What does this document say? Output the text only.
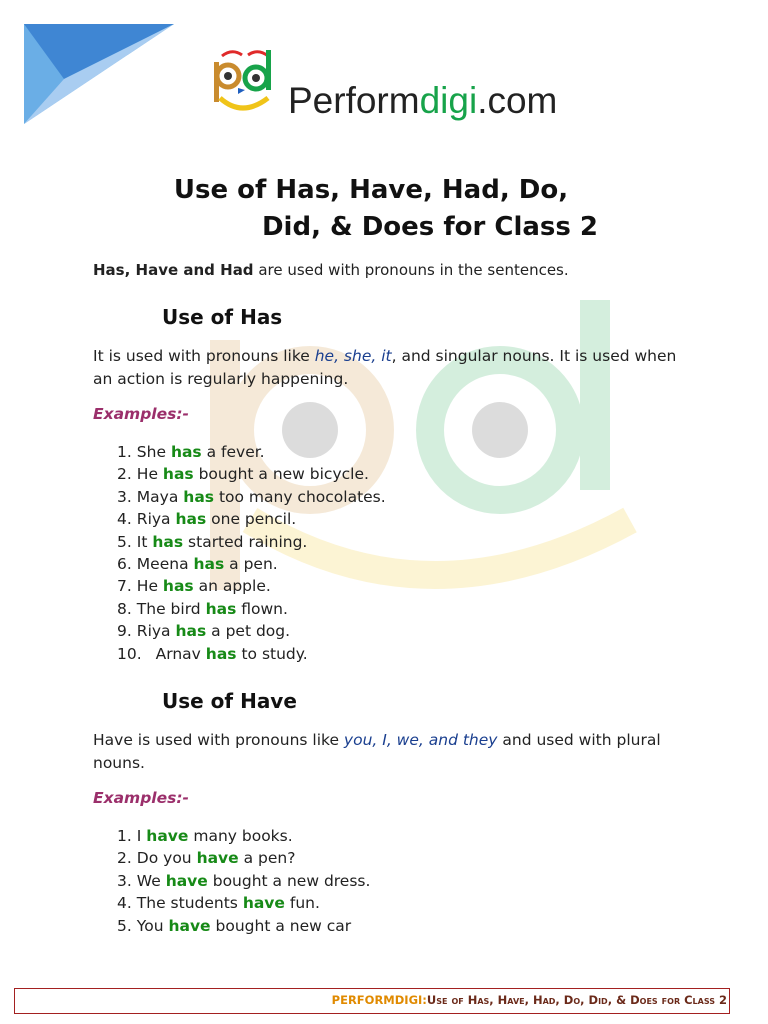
Performdigi.com
Use of Has, Have, Had, Do,
Did, & Does for Class 2
Has, Have and Had are used with pronouns in the sentences.
Use of Has
It is used with pronouns like he, she, it, and singular nouns. It is used when an action is regularly happening.
Examples:-
1. She has a fever.
2. He has bought a new bicycle.
3. Maya has too many chocolates.
4. Riya has one pencil.
5. It has started raining.
6. Meena has a pen.
7. He has an apple.
8. The bird has flown.
9. Riya has a pet dog.
10. Arnav has to study.
Use of Have
Have is used with pronouns like you, I, we, and they and used with plural nouns.
Examples:-
1. I have many books.
2. Do you have a pen?
3. We have bought a new dress.
4. The students have fun.
5. You have bought a new car
PERFORMDIGI:Use of Has, Have, Had, Do, Did, & Does for Class 2
